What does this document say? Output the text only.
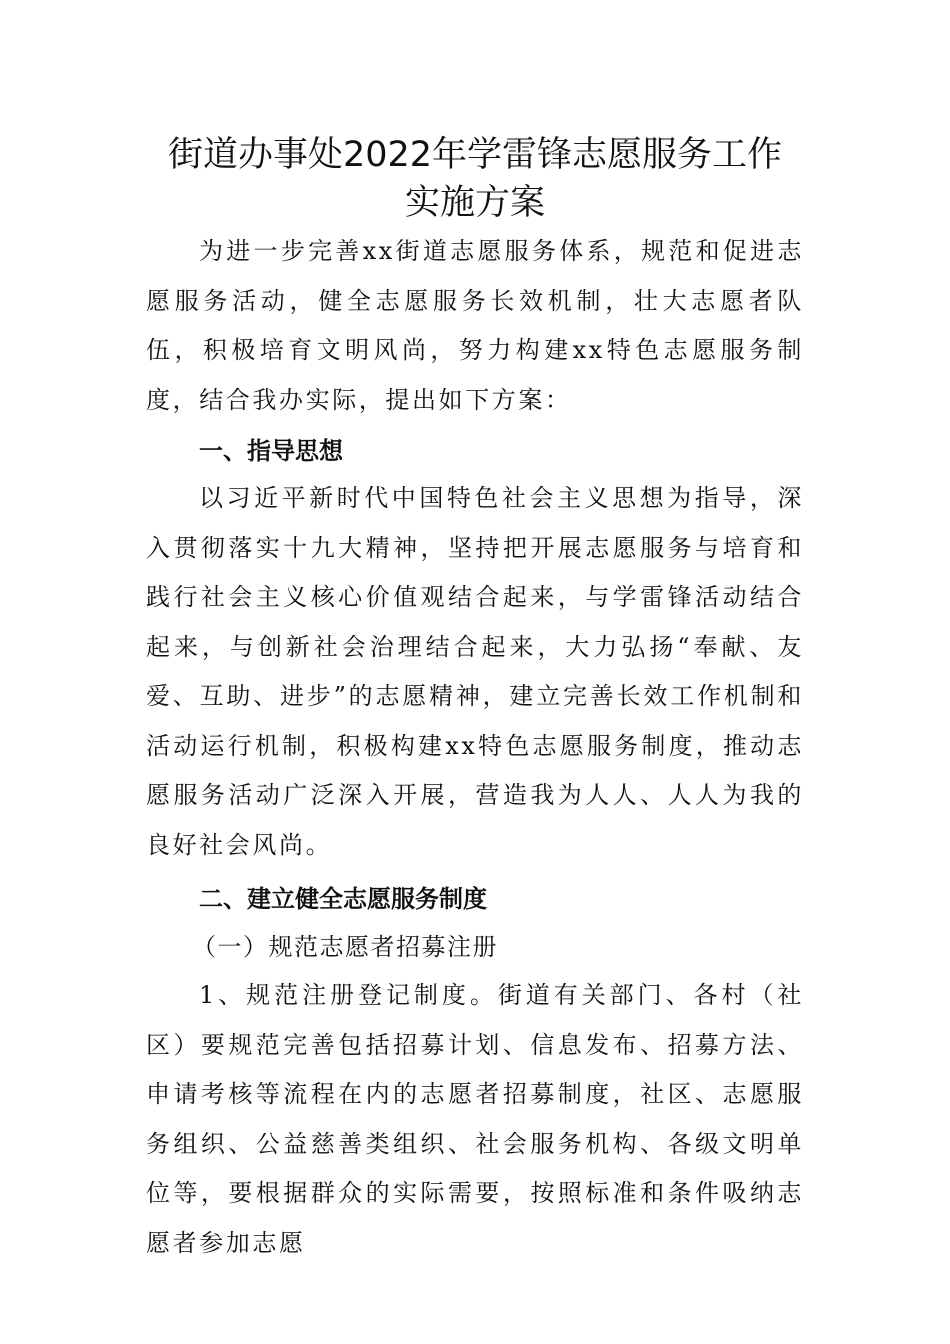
街道办事处2022年学雷锋志愿服务工作
实施方案
为进一步完善xx街道志愿服务体系，规范和促进志愿服务活动，健全志愿服务长效机制，壮大志愿者队伍，积极培育文明风尚，努力构建xx特色志愿服务制度，结合我办实际，提出如下方案：
一、指导思想
以习近平新时代中国特色社会主义思想为指导，深入贯彻落实十九大精神，坚持把开展志愿服务与培育和践行社会主义核心价值观结合起来，与学雷锋活动结合起来，与创新社会治理结合起来，大力弘扬“奉献、友爱、互助、进步”的志愿精神，建立完善长效工作机制和活动运行机制，积极构建xx特色志愿服务制度，推动志愿服务活动广泛深入开展，营造我为人人、人人为我的良好社会风尚。
二、建立健全志愿服务制度
（一）规范志愿者招募注册
1、规范注册登记制度。街道有关部门、各村（社区）要规范完善包括招募计划、信息发布、招募方法、申请考核等流程在内的志愿者招募制度，社区、志愿服务组织、公益慈善类组织、社会服务机构、各级文明单位等，要根据群众的实际需要，按照标准和条件吸纳志愿者参加志愿
